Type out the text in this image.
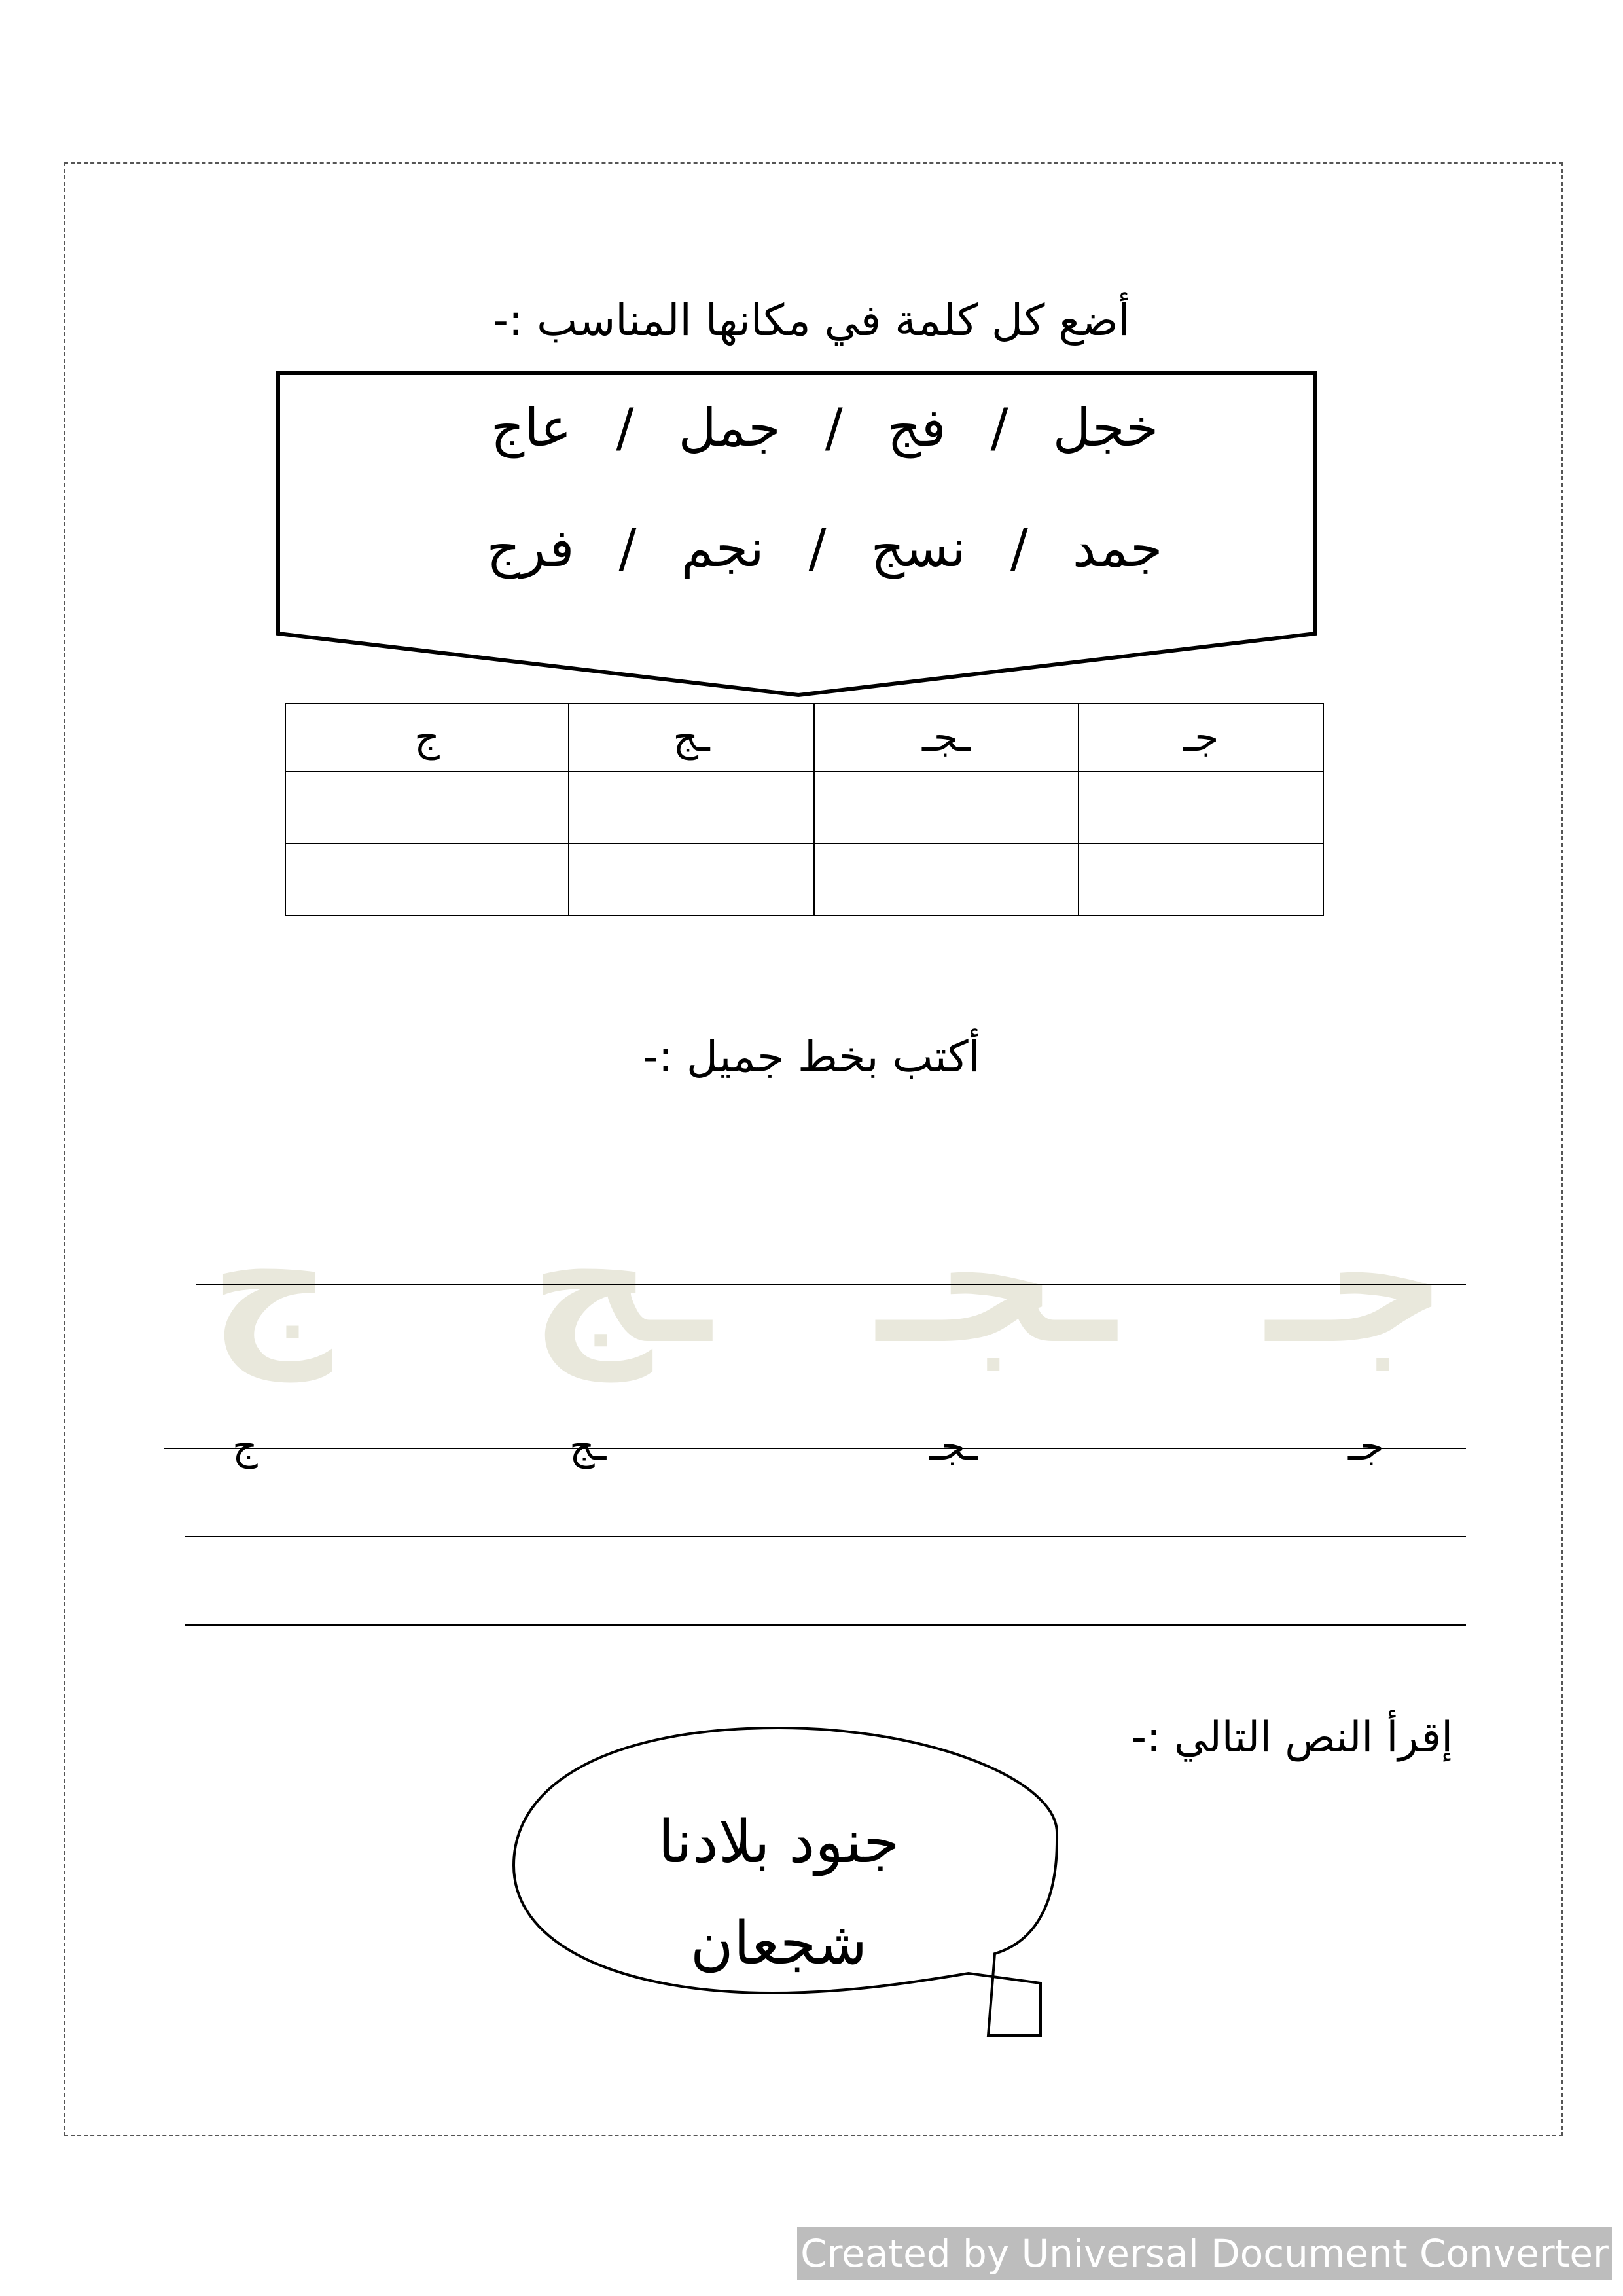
أضع كل كلمة في مكانها المناسب :-
خجل
/
فج
/
جمل
/
عاج
جمد
/
نسج
/
نجم
/
فرج
جـ	ـجـ	ـج	ج

أكتب بخط جميل :-
جـ
ـجـ
ـج
ج
جـ
ـجـ
ـج
ج
إقرأ النص التالي :-
جنود بلادنا
شجعان
Created by Universal Document Converter
